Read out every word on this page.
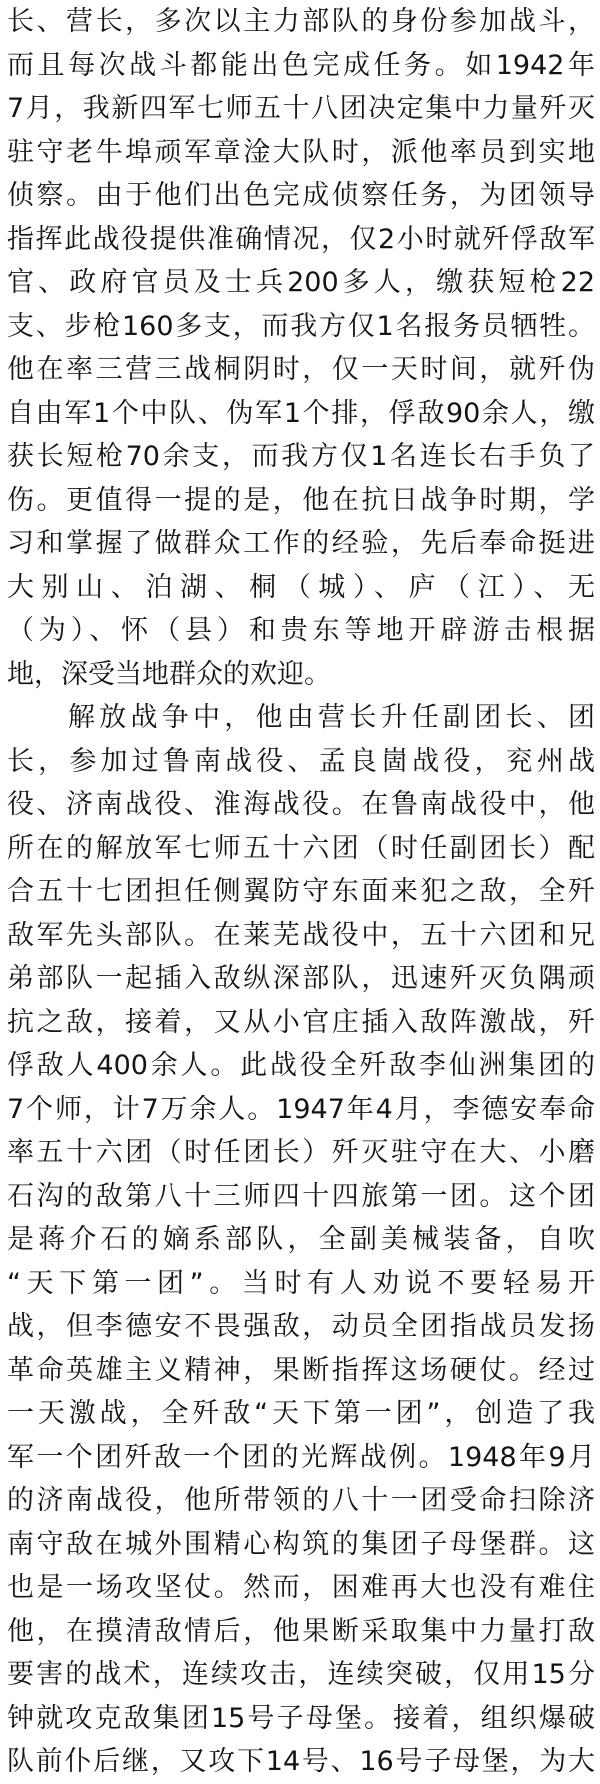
长、营长，多次以主力部队的身份参加战斗，
而且每次战斗都能出色完成任务。如1942年
7月，我新四军七师五十八团决定集中力量歼灭
驻守老牛埠顽军章淦大队时，派他率员到实地
侦察。由于他们出色完成侦察任务，为团领导
指挥此战役提供准确情况，仅2小时就歼俘敌军
官、政府官员及士兵200多人，缴获短枪22
支、步枪160多支，而我方仅1名报务员牺牲。
他在率三营三战桐阴时，仅一天时间，就歼伪
自由军1个中队、伪军1个排，俘敌90余人，缴
获长短枪70余支，而我方仅1名连长右手负了
伤。更值得一提的是，他在抗日战争时期，学
习和掌握了做群众工作的经验，先后奉命挺进
大别山、泊湖、桐（城）、庐（江）、无
（为）、怀（县）和贵东等地开辟游击根据
地，深受当地群众的欢迎。
解放战争中，他由营长升任副团长、团
长，参加过鲁南战役、孟良崮战役，兖州战
役、济南战役、淮海战役。在鲁南战役中，他
所在的解放军七师五十六团（时任副团长）配
合五十七团担任侧翼防守东面来犯之敌，全歼
敌军先头部队。在莱芜战役中，五十六团和兄
弟部队一起插入敌纵深部队，迅速歼灭负隅顽
抗之敌，接着，又从小官庄插入敌阵激战，歼
俘敌人400余人。此战役全歼敌李仙洲集团的
7个师，计7万余人。1947年4月，李德安奉命
率五十六团（时任团长）歼灭驻守在大、小磨
石沟的敌第八十三师四十四旅第一团。这个团
是蒋介石的嫡系部队，全副美械装备，自吹
“天下第一团”。当时有人劝说不要轻易开
战，但李德安不畏强敌，动员全团指战员发扬
革命英雄主义精神，果断指挥这场硬仗。经过
一天激战，全歼敌“天下第一团”，创造了我
军一个团歼敌一个团的光辉战例。1948年9月
的济南战役，他所带领的八十一团受命扫除济
南守敌在城外围精心构筑的集团子母堡群。这
也是一场攻坚仗。然而，困难再大也没有难住
他，在摸清敌情后，他果断采取集中力量打敌
要害的战术，连续攻击，连续突破，仅用15分
钟就攻克敌集团15号子母堡。接着，组织爆破
队前仆后继，又攻下14号、16号子母堡，为大
